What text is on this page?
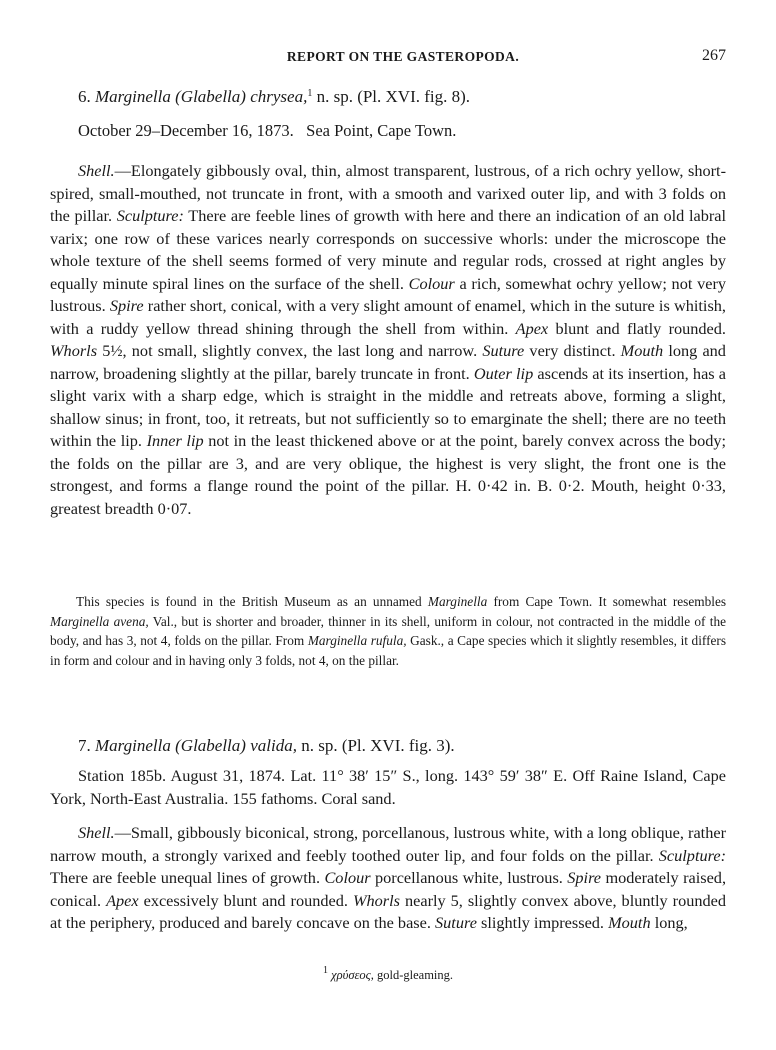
REPORT ON THE GASTEROPODA.	267

6. Marginella (Glabella) chrysea,$^1$ n. sp. (Pl. XVI. fig. 8).

October 29–December 16, 1873.   Sea Point, Cape Town.

Shell.—Elongately gibbously oval, thin, almost transparent, lustrous, of a rich ochry yellow, short-spired, small-mouthed, not truncate in front, with a smooth and varixed outer lip, and with 3 folds on the pillar. Sculpture: There are feeble lines of growth with here and there an indication of an old labral varix; one row of these varices nearly corresponds on successive whorls: under the microscope the whole texture of the shell seems formed of very minute and regular rods, crossed at right angles by equally minute spiral lines on the surface of the shell. Colour a rich, somewhat ochry yellow; not very lustrous. Spire rather short, conical, with a very slight amount of enamel, which in the suture is whitish, with a ruddy yellow thread shining through the shell from within. Apex blunt and flatly rounded. Whorls 5½, not small, slightly convex, the last long and narrow. Suture very distinct. Mouth long and narrow, broadening slightly at the pillar, barely truncate in front. Outer lip ascends at its insertion, has a slight varix with a sharp edge, which is straight in the middle and retreats above, forming a slight, shallow sinus; in front, too, it retreats, but not sufficiently so to emarginate the shell; there are no teeth within the lip. Inner lip not in the least thickened above or at the point, barely convex across the body; the folds on the pillar are 3, and are very oblique, the highest is very slight, the front one is the strongest, and forms a flange round the point of the pillar. H. 0·42 in. B. 0·2. Mouth, height 0·33, greatest breadth 0·07.

This species is found in the British Museum as an unnamed Marginella from Cape Town. It somewhat resembles Marginella avena, Val., but is shorter and broader, thinner in its shell, uniform in colour, not contracted in the middle of the body, and has 3, not 4, folds on the pillar. From Marginella rufula, Gask., a Cape species which it slightly resembles, it differs in form and colour and in having only 3 folds, not 4, on the pillar.

7. Marginella (Glabella) valida, n. sp. (Pl. XVI. fig. 3).

Station 185b. August 31, 1874. Lat. 11° 38′ 15″ S., long. 143° 59′ 38″ E. Off Raine Island, Cape York, North-East Australia. 155 fathoms. Coral sand.

Shell.—Small, gibbously biconical, strong, porcellanous, lustrous white, with a long oblique, rather narrow mouth, a strongly varixed and feebly toothed outer lip, and four folds on the pillar. Sculpture: There are feeble unequal lines of growth. Colour porcellanous white, lustrous. Spire moderately raised, conical. Apex excessively blunt and rounded. Whorls nearly 5, slightly convex above, bluntly rounded at the periphery, produced and barely concave on the base. Suture slightly impressed. Mouth long,

$^1$ χρύσεος, gold-gleaming.
